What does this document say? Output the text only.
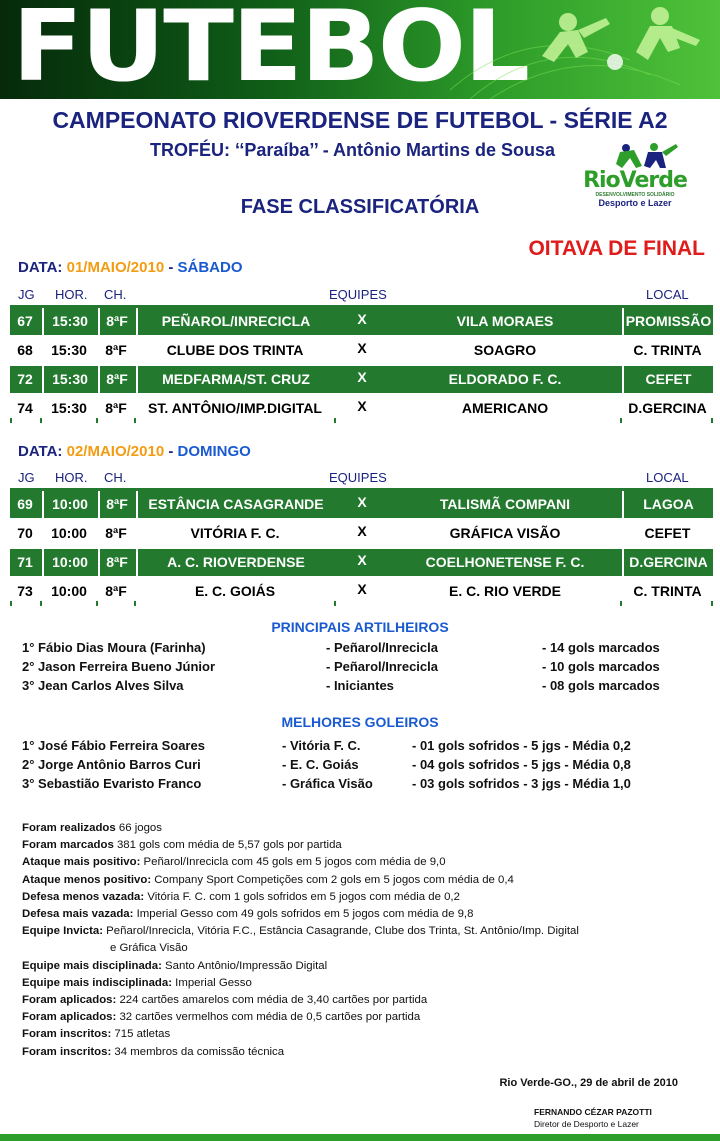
FUTEBOL
CAMPEONATO RIOVERDENSE DE FUTEBOL - SÉRIE A2
TROFÉU: ‘‘Paraíba’’ - Antônio Martins de Sousa
RioVerde
DESENVOLVIMENTO SOLIDÁRIO
Desporto e Lazer
FASE CLASSIFICATÓRIA
OITAVA DE FINAL
DATA: 01/MAIO/2010 - SÁBADO
JG HOR. CH.	EQUIPES	LOCAL
67	15:30	8ªF	PEÑAROL/INRECICLA	X	VILA MORAES	PROMISSÃO
68	15:30	8ªF	CLUBE DOS TRINTA	X	SOAGRO	C. TRINTA
72	15:30	8ªF	MEDFARMA/ST. CRUZ	X	ELDORADO F. C.	CEFET
74	15:30	8ªF	ST. ANTÔNIO/IMP.DIGITAL	X	AMERICANO	D.GERCINA
DATA: 02/MAIO/2010 - DOMINGO
JG HOR. CH.	EQUIPES	LOCAL
69	10:00	8ªF	ESTÂNCIA CASAGRANDE	X	TALISMÃ COMPANI	LAGOA
70	10:00	8ªF	VITÓRIA F. C.	X	GRÁFICA VISÃO	CEFET
71	10:00	8ªF	A. C. RIOVERDENSE	X	COELHONETENSE F. C.	D.GERCINA
73	10:00	8ªF	E. C. GOIÁS	X	E. C. RIO VERDE	C. TRINTA
PRINCIPAIS ARTILHEIROS
1° Fábio Dias Moura (Farinha)	- Peñarol/Inrecicla	- 14 gols marcados
2° Jason Ferreira Bueno Júnior	- Peñarol/Inrecicla	- 10 gols marcados
3° Jean Carlos Alves Silva	- Iniciantes	- 08 gols marcados
MELHORES GOLEIROS
1° José Fábio Ferreira Soares	- Vitória F. C.	- 01 gols sofridos - 5 jgs - Média 0,2
2° Jorge Antônio Barros Curi	- E. C. Goiás	- 04 gols sofridos - 5 jgs - Média 0,8
3° Sebastião Evaristo Franco	- Gráfica Visão	- 03 gols sofridos - 3 jgs - Média 1,0
Foram realizados 66 jogos
Foram marcados 381 gols com média de 5,57 gols por partida
Ataque mais positivo: Peñarol/Inrecicla com 45 gols em 5 jogos com média de 9,0
Ataque menos positivo: Company Sport Competições com 2 gols em 5 jogos com média de 0,4
Defesa menos vazada: Vitória F. C. com 1 gols sofridos em 5 jogos com média de 0,2
Defesa mais vazada: Imperial Gesso com 49 gols sofridos em 5 jogos com média de 9,8
Equipe Invicta: Peñarol/Inrecicla, Vitória F.C., Estância Casagrande, Clube dos Trinta, St. Antônio/Imp. Digital
e Gráfica Visão
Equipe mais disciplinada: Santo Antônio/Impressão Digital
Equipe mais indisciplinada: Imperial Gesso
Foram aplicados: 224 cartões amarelos com média de 3,40 cartões por partida
Foram aplicados: 32 cartões vermelhos com média de 0,5 cartões por partida
Foram inscritos: 715 atletas
Foram inscritos: 34 membros da comissão técnica
Rio Verde-GO., 29 de abril de 2010
FERNANDO CÉZAR PAZOTTI
Diretor de Desporto e Lazer
